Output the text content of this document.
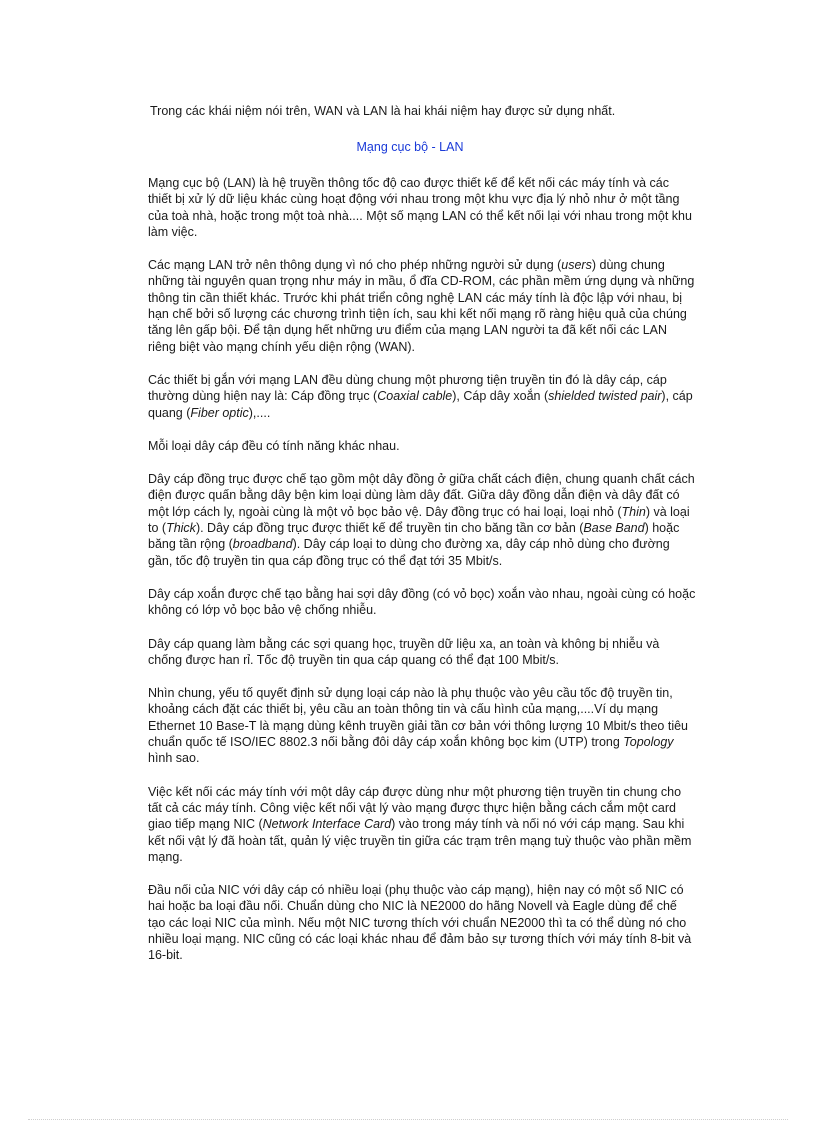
Trong các khái niệm nói trên, WAN và LAN là hai khái niệm hay được sử dụng nhất.
Mạng cục bộ - LAN

Mạng cục bộ (LAN) là hệ truyền thông tốc độ cao được thiết kế để kết nối các máy tính và các thiết bị xử lý dữ liệu khác cùng hoạt động với nhau trong một khu vực địa lý nhỏ như ở một tầng của toà nhà, hoặc trong một toà nhà.... Một số mạng LAN có thể kết nối lại với nhau trong một khu làm việc.

Các mạng LAN trở nên thông dụng vì nó cho phép những người sử dụng (users) dùng chung những tài nguyên quan trọng như máy in mầu, ổ đĩa CD-ROM, các phần mềm ứng dụng và những thông tin cần thiết khác. Trước khi phát triển công nghệ LAN các máy tính là độc lập với nhau, bị hạn chế bởi số lượng các chương trình tiện ích, sau khi kết nối mạng rõ ràng hiệu quả của chúng tăng lên gấp bội. Để tận dụng hết những ưu điểm của mạng LAN người ta đã kết nối các LAN riêng biệt vào mạng chính yếu diện rộng (WAN).

Các thiết bị gắn với mạng LAN đều dùng chung một phương tiện truyền tin đó là dây cáp, cáp thường dùng hiện nay là: Cáp đồng trục (Coaxial cable), Cáp dây xoắn (shielded twisted pair), cáp quang (Fiber optic),....

Mỗi loại dây cáp đều có tính năng khác nhau.

Dây cáp đồng trục được chế tạo gồm một dây đồng ở giữa chất cách điện, chung quanh chất cách điện được quấn bằng dây bện kim loại dùng làm dây đất. Giữa dây đồng dẫn điện và dây đất có một lớp cách ly, ngoài cùng là một vỏ bọc bảo vệ. Dây đồng trục có hai loại, loại nhỏ (Thin) và loại to (Thick). Dây cáp đồng trục được thiết kế để truyền tin cho băng tần cơ bản (Base Band) hoặc băng tần rộng (broadband). Dây cáp loại to dùng cho đường xa, dây cáp nhỏ dùng cho đường gần, tốc độ truyền tin qua cáp đồng trục có thể đạt tới 35 Mbit/s.

Dây cáp xoắn được chế tạo bằng hai sợi dây đồng (có vỏ bọc) xoắn vào nhau, ngoài cùng có hoặc không có lớp vỏ bọc bảo vệ chống nhiễu.

Dây cáp quang làm bằng các sợi quang học, truyền dữ liệu xa, an toàn và không bị nhiễu và chống được han rỉ. Tốc độ truyền tin qua cáp quang có thể đạt 100 Mbit/s.

Nhìn chung, yếu tố quyết định sử dụng loại cáp nào là phụ thuộc vào yêu cầu tốc độ truyền tin, khoảng cách đặt các thiết bị, yêu cầu an toàn thông tin và cấu hình của mạng,....Ví dụ mạng Ethernet 10 Base-T là mạng dùng kênh truyền giải tần cơ bản với thông lượng 10 Mbit/s theo tiêu chuẩn quốc tế ISO/IEC 8802.3 nối bằng đôi dây cáp xoắn không bọc kim (UTP) trong Topology hình sao.

Việc kết nối các máy tính với một dây cáp được dùng như một phương tiện truyền tin chung cho tất cả các máy tính. Công việc kết nối vật lý vào mạng được thực hiện bằng cách cắm một card giao tiếp mạng NIC (Network Interface Card) vào trong máy tính và nối nó với cáp mạng. Sau khi kết nối vật lý đã hoàn tất, quản lý việc truyền tin giữa các trạm trên mạng tuỳ thuộc vào phần mềm mạng.

Đầu nối của NIC với dây cáp có nhiều loại (phụ thuộc vào cáp mạng), hiện nay có một số NIC có hai hoặc ba loại đầu nối. Chuẩn dùng cho NIC là NE2000 do hãng Novell và Eagle dùng để chế tạo các loại NIC của mình. Nếu một NIC tương thích với chuẩn NE2000 thì ta có thể dùng nó cho nhiều loại mạng. NIC cũng có các loại khác nhau để đảm bảo sự tương thích với máy tính 8-bit và 16-bit.
